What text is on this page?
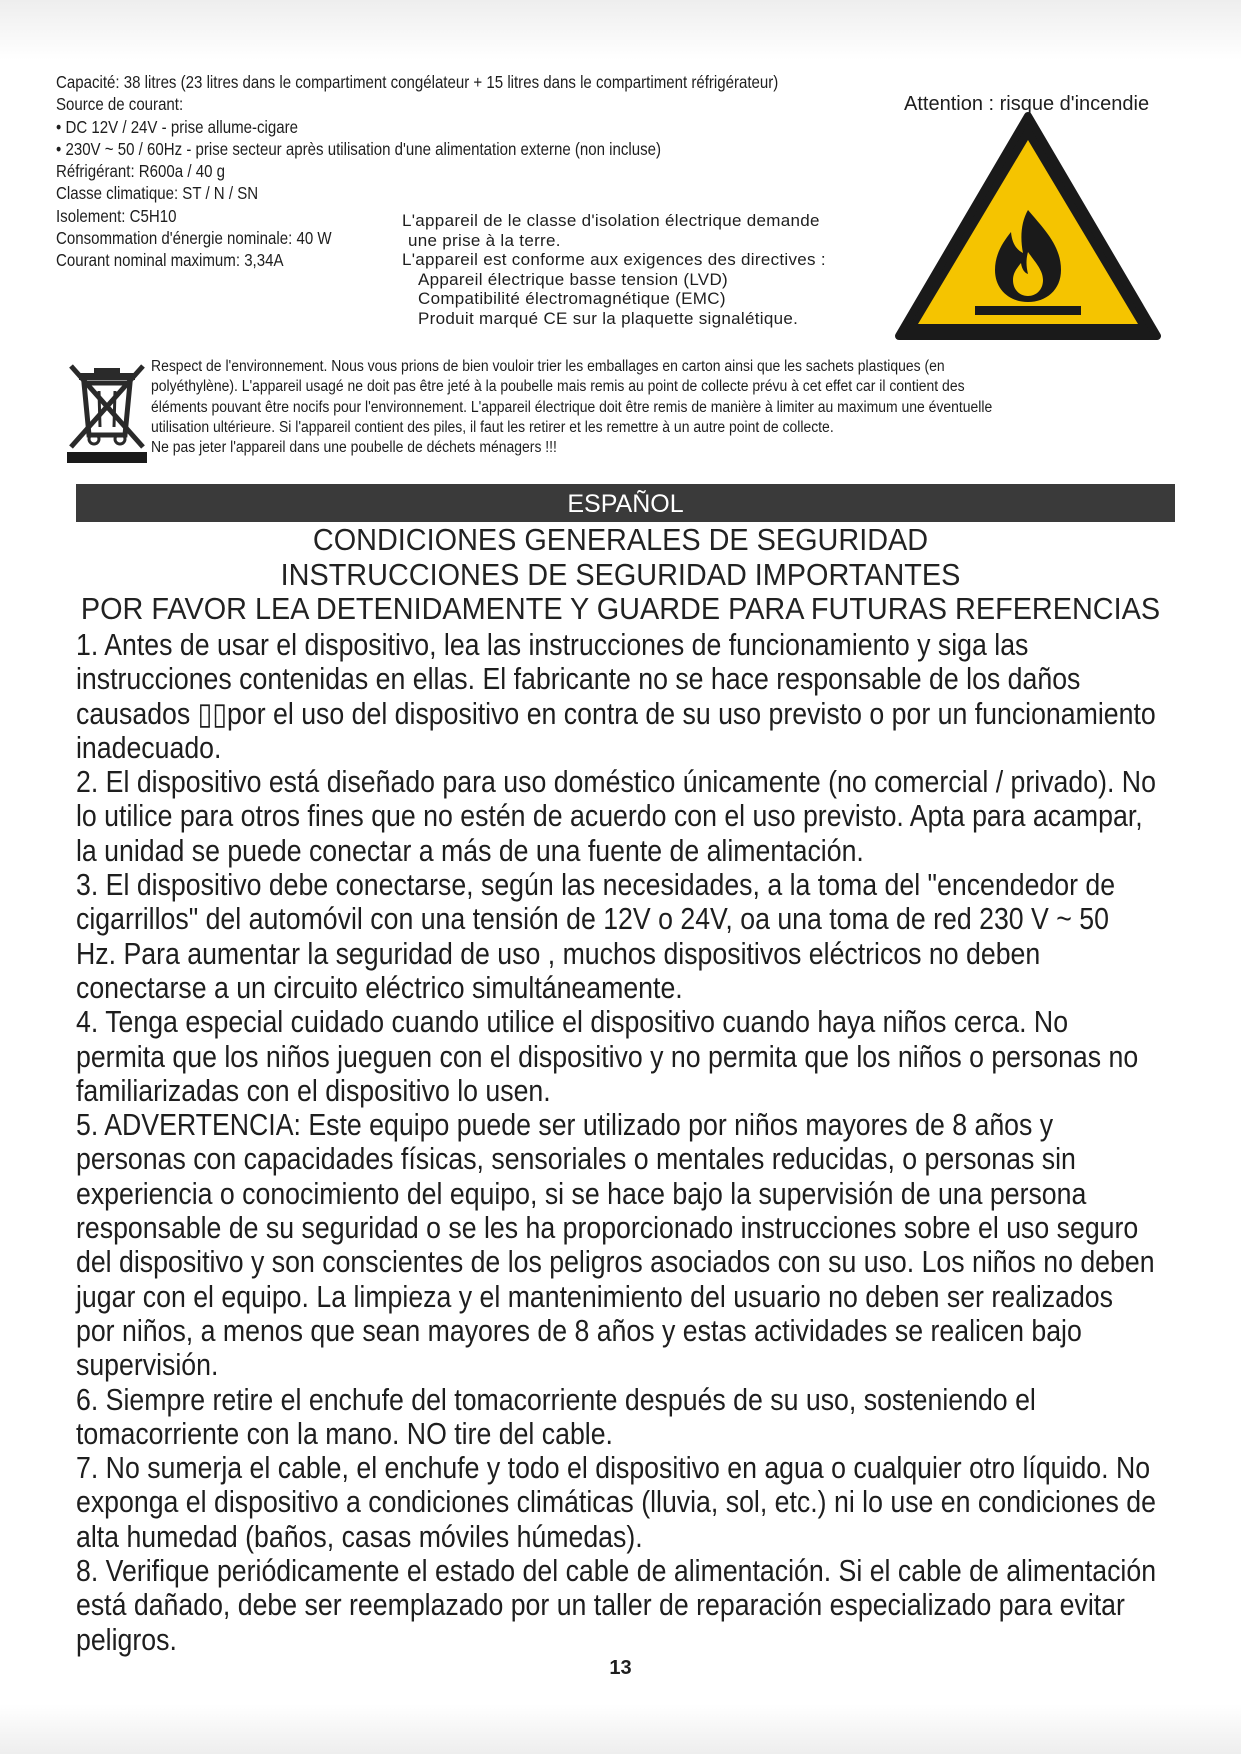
Capacité: 38 litres (23 litres dans le compartiment congélateur + 15 litres dans le compartiment réfrigérateur)
Source de courant:
• DC 12V / 24V - prise allume-cigare
• 230V ~ 50 / 60Hz - prise secteur après utilisation d'une alimentation externe (non incluse)
Réfrigérant: R600a / 40 g
Classe climatique: ST / N / SN
Isolement: C5H10
Consommation d'énergie nominale: 40 W
Courant nominal maximum: 3,34A
L'appareil de le classe d'isolation électrique demande
une prise à la terre.
L'appareil est conforme aux exigences des directives :
Appareil électrique basse tension (LVD)
Compatibilité électromagnétique (EMC)
Produit marqué CE sur la plaquette signalétique.
Attention : risque d'incendie
Respect de l'environnement. Nous vous prions de bien vouloir trier les emballages en carton ainsi que les sachets plastiques (en
polyéthylène). L'appareil usagé ne doit pas être jeté à la poubelle mais remis au point de collecte prévu à cet effet car il contient des
éléments pouvant être nocifs pour l'environnement. L'appareil électrique doit être remis de manière à limiter au maximum une éventuelle
utilisation ultérieure. Si l'appareil contient des piles, il faut les retirer et les remettre à un autre point de collecte.
Ne pas jeter l'appareil dans une poubelle de déchets ménagers !!!
ESPAÑOL
CONDICIONES GENERALES DE SEGURIDAD
INSTRUCCIONES DE SEGURIDAD IMPORTANTES
POR FAVOR LEA DETENIDAMENTE Y GUARDE PARA FUTURAS REFERENCIAS
1. Antes de usar el dispositivo, lea las instrucciones de funcionamiento y siga las
instrucciones contenidas en ellas. El fabricante no se hace responsable de los daños
causados ▯▯por el uso del dispositivo en contra de su uso previsto o por un funcionamiento
inadecuado.
2. El dispositivo está diseñado para uso doméstico únicamente (no comercial / privado). No
lo utilice para otros fines que no estén de acuerdo con el uso previsto. Apta para acampar,
la unidad se puede conectar a más de una fuente de alimentación.
3. El dispositivo debe conectarse, según las necesidades, a la toma del "encendedor de
cigarrillos" del automóvil con una tensión de 12V o 24V, oa una toma de red 230 V ~ 50
Hz. Para aumentar la seguridad de uso , muchos dispositivos eléctricos no deben
conectarse a un circuito eléctrico simultáneamente.
4. Tenga especial cuidado cuando utilice el dispositivo cuando haya niños cerca. No
permita que los niños jueguen con el dispositivo y no permita que los niños o personas no
familiarizadas con el dispositivo lo usen.
5. ADVERTENCIA: Este equipo puede ser utilizado por niños mayores de 8 años y
personas con capacidades físicas, sensoriales o mentales reducidas, o personas sin
experiencia o conocimiento del equipo, si se hace bajo la supervisión de una persona
responsable de su seguridad o se les ha proporcionado instrucciones sobre el uso seguro
del dispositivo y son conscientes de los peligros asociados con su uso. Los niños no deben
jugar con el equipo. La limpieza y el mantenimiento del usuario no deben ser realizados
por niños, a menos que sean mayores de 8 años y estas actividades se realicen bajo
supervisión.
6. Siempre retire el enchufe del tomacorriente después de su uso, sosteniendo el
tomacorriente con la mano. NO tire del cable.
7. No sumerja el cable, el enchufe y todo el dispositivo en agua o cualquier otro líquido. No
exponga el dispositivo a condiciones climáticas (lluvia, sol, etc.) ni lo use en condiciones de
alta humedad (baños, casas móviles húmedas).
8. Verifique periódicamente el estado del cable de alimentación. Si el cable de alimentación
está dañado, debe ser reemplazado por un taller de reparación especializado para evitar
peligros.
13
